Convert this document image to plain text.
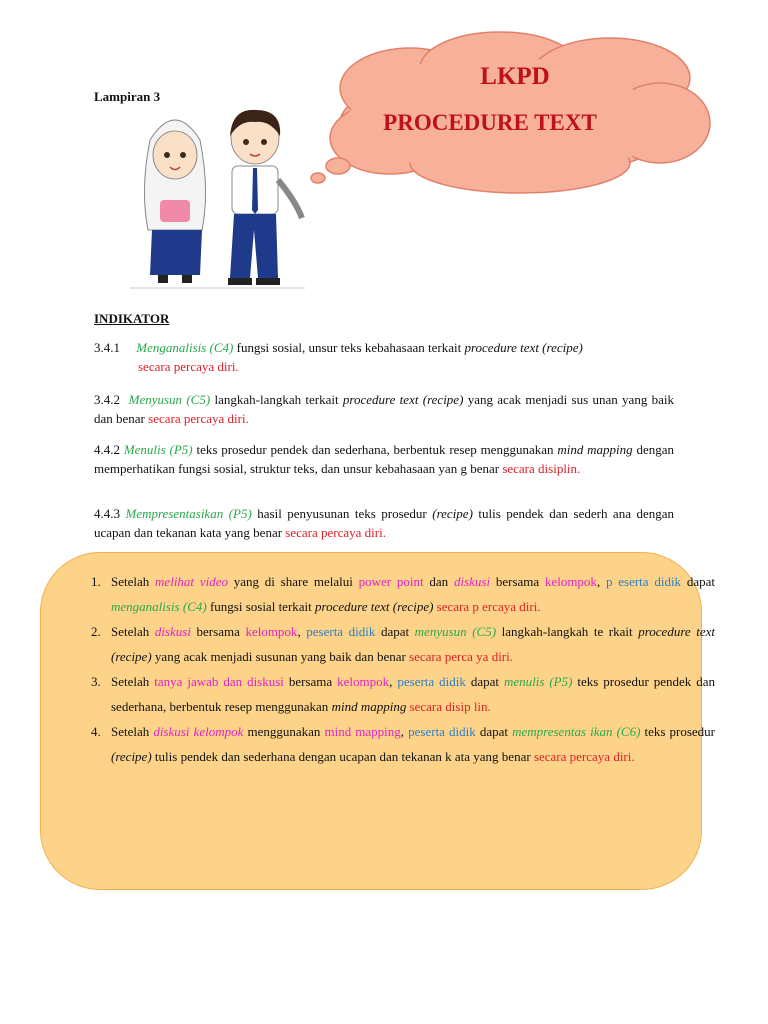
Lampiran 3
LKPD
PROCEDURE TEXT
INDIKATOR
3.4.1 Menganalisis (C4) fungsi sosial, unsur teks kebahasaan terkait procedure text (recipe)
secara percaya diri.
3.4.2 Menyusun (C5) langkah-langkah terkait procedure text (recipe) yang acak menjadi sus unan yang baik dan benar secara percaya diri.
4.4.2 Menulis (P5) teks prosedur pendek dan sederhana, berbentuk resep menggunakan mind mapping dengan memperhatikan fungsi sosial, struktur teks, dan unsur kebahasaan yan g benar secara disiplin.
4.4.3 Mempresentasikan (P5) hasil penyusunan teks prosedur (recipe) tulis pendek dan sederh ana dengan ucapan dan tekanan kata yang benar secara percaya diri.
1. Setelah melihat video yang di share melalui power point dan diskusi bersama kelompok, p eserta didik dapat menganalisis (C4) fungsi sosial terkait procedure text (recipe) secara p ercaya diri.
2. Setelah diskusi bersama kelompok, peserta didik dapat menyusun (C5) langkah-langkah te rkait procedure text (recipe) yang acak menjadi susunan yang baik dan benar secara perca ya diri.
3. Setelah tanya jawab dan diskusi bersama kelompok, peserta didik dapat menulis (P5) teks prosedur pendek dan sederhana, berbentuk resep menggunakan mind mapping secara disip lin.
4. Setelah diskusi kelompok menggunakan mind mapping, peserta didik dapat mempresentas ikan (C6) teks prosedur (recipe) tulis pendek dan sederhana dengan ucapan dan tekanan k ata yang benar secara percaya diri.
